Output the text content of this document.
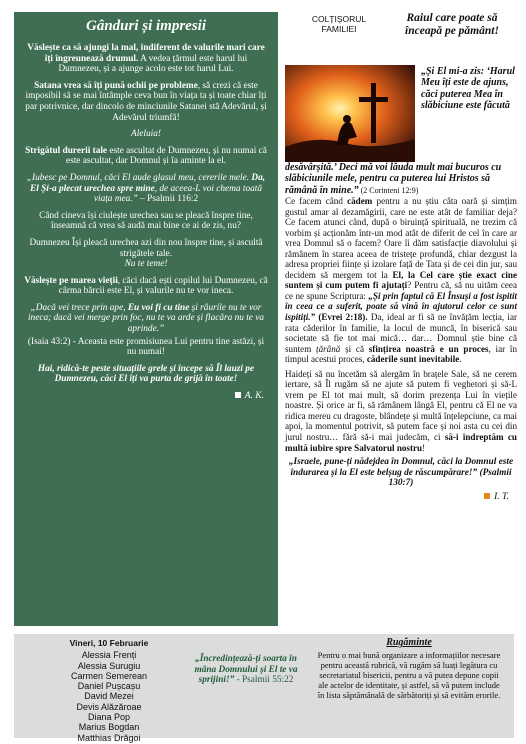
Gânduri și impresii

Văslește ca să ajungi la mal, indiferent de valurile mari care îți îngreunează drumul. A vedea țărmul este harul lui Dumnezeu, și a ajunge acolo este tot harul Lui.

Satana vrea să îți pună ochii pe probleme, să crezi că este imposibil să se mai întâmple ceva bun în viața ta și toate chiar îți par potrivnice, dar dincolo de minciunile Satanei stă Adevărul, și Adevărul triumfă!

Aleluia!

Strigătul durerii tale este ascultat de Dumnezeu, și nu numai că este ascultat, dar Domnul și îa aminte la el.

„Iubesc pe Domnul, căci El aude glasul meu, cererile mele. Da, El Și-a plecat urechea spre mine, de aceea-L voi chema toată viața mea.” – Psalmii 116:2

Când cineva își ciulește urechea sau se pleacă înspre tine, înseamnă că vrea să audă mai bine ce ai de zis, nu?

Dumnezeu Își pleacă urechea azi din nou înspre tine, și ascultă strigătele tale.
Nu te teme!

Văslește pe marea vieții, căci dacă ești copilul lui Dumnezeu, că cârma bărcii este El, și valurile nu te vor ineca.

„Dacă vei trece prin ape, Eu voi fi cu tine și râurile nu te vor ineca; dacă vei merge prin foc, nu te va arde și flacăra nu te va aprinde.”

(Isaia 43:2) - Aceasta este promisiunea Lui pentru tine astăzi, și nu numai!

Hai, ridică-te peste situațiile grele și începe să Îl lauzi pe Dumnezeu, căci El îți va purta de grijă în toate!

A. K.

COLȚIȘORUL
FAMILIEI
Raiul care poate să înceapă pe pământ!
„Și El mi-a zis: ‘Harul Meu îți este de ajuns, căci puterea Mea în slăbiciune este făcută
desăvârșită.’ Deci mă voi lăuda mult mai bucuros cu slăbiciunile mele, pentru ca puterea lui Hristos să rămână în mine.” (2 Corinteni 12:9)

Ce facem când cădem pentru a nu știu câta oară și simțim gustul amar al dezamăgirii, care ne este atât de familiar deja? Ce facem atunci când, după o biruință spirituală, ne trezim că vorbim și acționăm într-un mod atât de diferit de cel în care ar vrea Domnul să o facem? Oare îi dăm satisfacție diavolului și rămânem în starea aceea de tristețe profundă, chiar dezgust la adresa propriei ființe și izolare față de Tata și de cei din jur, sau decidem să mergem tot la El, la Cel care știe exact cine suntem și cum putem fi ajutați? Pentru că, să nu uităm ceea ce ne spune Scriptura: „Și prin faptul că El Însuși a fost ispitit în ceea ce a suferit, poate să vină în ajutorul celor ce sunt ispitiți.” (Evrei 2:18). Da, ideal ar fi să ne învățăm lecția, iar rata căderilor în familie, la locul de muncă, în biserică sau societate să fie tot mai mică… dar… Domnul știe bine că suntem țărână și că sfințirea noastră e un proces, iar în timpul acestui proces, căderile sunt inevitabile.

Haideți să nu încetăm să alergăm în brațele Sale, să ne cerem iertare, să Îl rugăm să ne ajute să putem fi veghetori și să-L vrem pe El tot mai mult, să dorim prezența Lui în viețile noastre. Și orice ar fi, să rămânem lângă El, pentru că El ne va ridica mereu cu dragoste, blândețe și multă înțelepciune, ca mai apoi, la momentul potrivit, să putem face și noi asta cu cei din jurul nostru… fără să-i mai judecăm, ci să-i îndreptăm cu multă iubire spre Salvatorul nostru!

„Israele, pune-ți nădejdea în Domnul, căci la Domnul este îndurarea și la El este belșug de răscumpărare!” (Psalmii 130:7)
I. T.
Vineri, 10 Februarie
Alessia Frenți
Alessia Surugiu
Carmen Semerean
Daniel Pușcașu
David Mezei
Devis Alăzăroae
Diana Pop
Marius Bogdan
Matthias Drăgoi
„Încredințează-ți soarta în mâna Domnului și El te va sprijini!” - Psalmii 55:22
Rugăminte
Pentru o mai bună organizare a informațiilor necesare pentru această rubrică, vă rugăm să luați legătura cu secretariatul bisericii, pentru a vă putea depune copii ale actelor de identitate, și astfel, să vă putem include în lista săptămânală de sărbătoriți și să evităm erorile.
